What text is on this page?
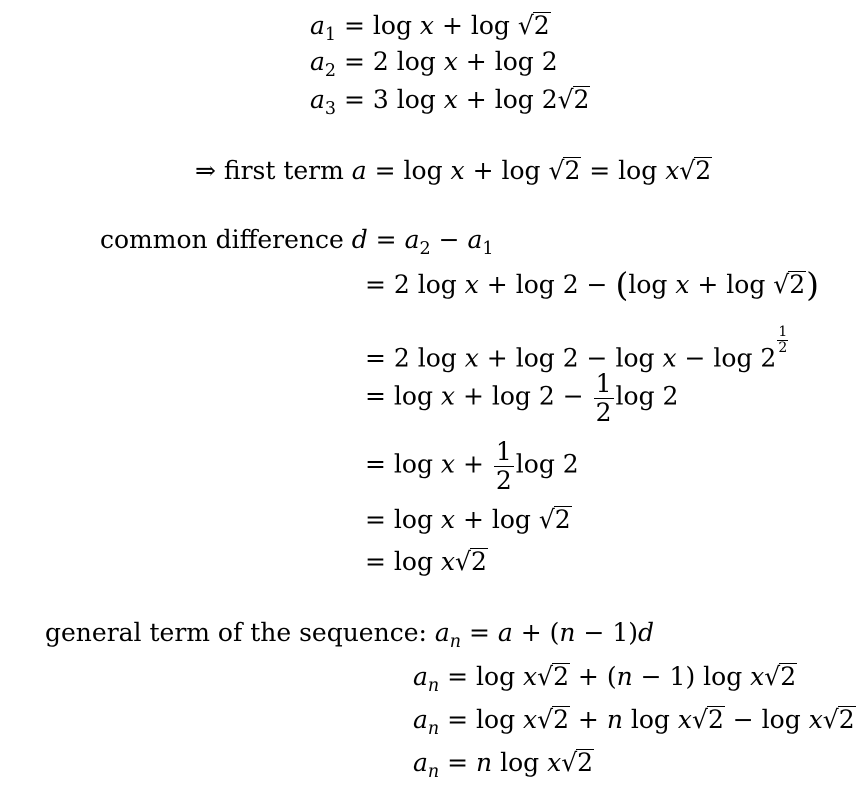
$a_1 = \log x + \log √2$
$a_2 = 2$ log x + log 2
$a_3 = 3$ log x + log 2√2
⇒ first term a = log x + log √2 = log x√2
common difference $d = a_2 - a_1$
= 2 log x + log 2 − (log x + log √2)
= 2 log x + log 2 − log x − log 2
$\frac{1}{2}$
= $\log x + \log 2 - \frac{1}{2}$ log 2
= $\log x + \frac{1}{2}$ log 2
= log x + log √2
= log x√2
general term of the sequence: $a_n = a + (n - 1)d$
$a_n = \log x√2 + (n - 1)$ log x√2
$a_n = \log x√2 + n$ log x√2 − log x√2
$a_n = n$ log x√2
